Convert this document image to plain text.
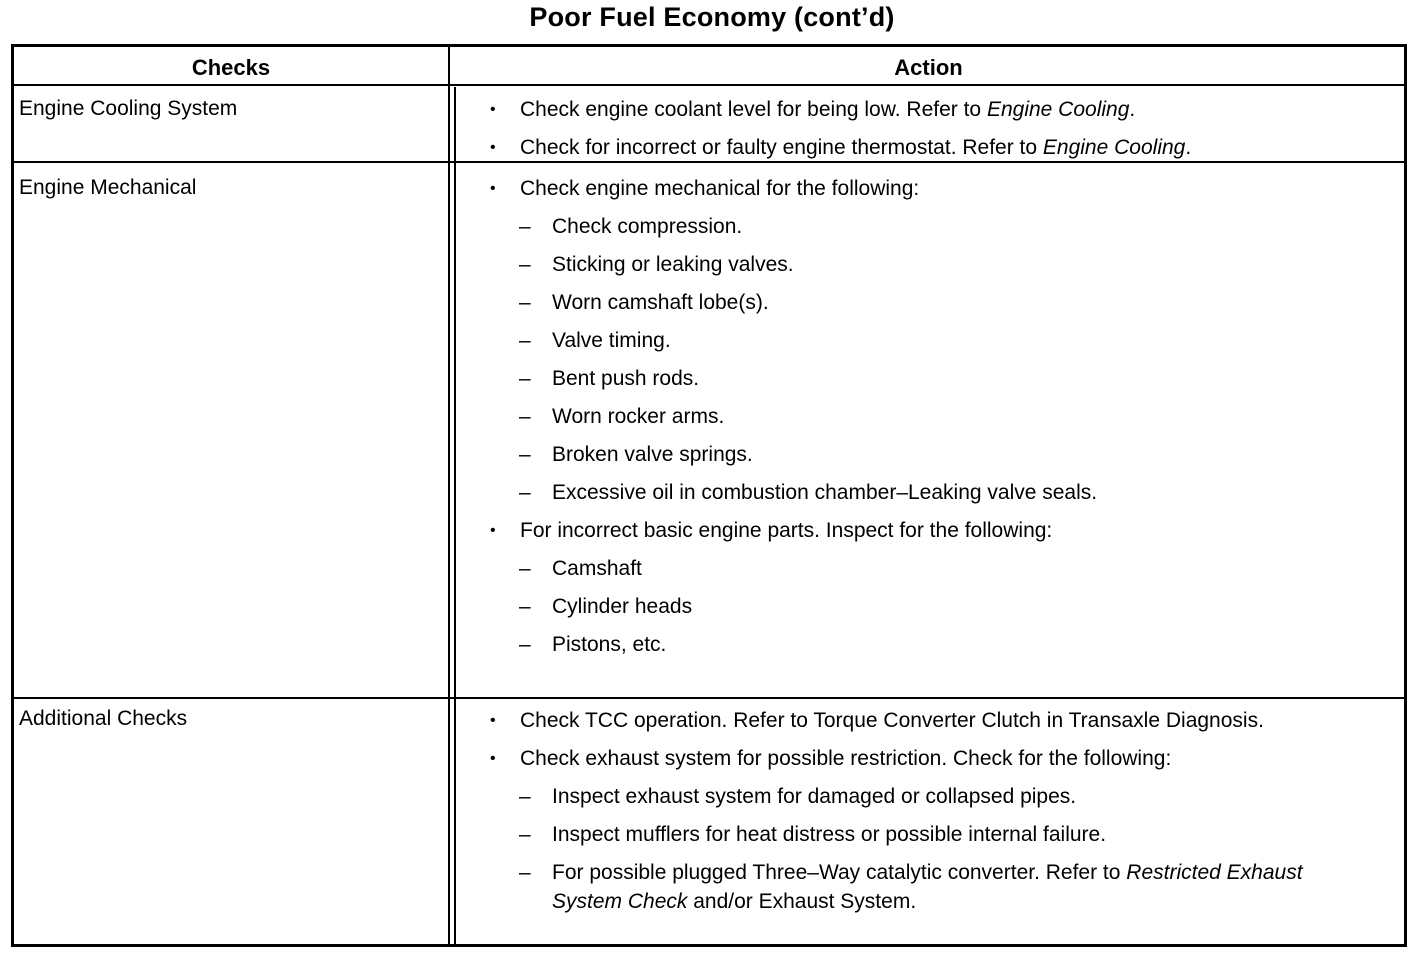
Poor Fuel Economy (cont’d)
Checks	Action
Engine Cooling System
Engine Mechanical
Additional Checks
• Check engine coolant level for being low. Refer to Engine Cooling.
• Check for incorrect or faulty engine thermostat. Refer to Engine Cooling.
• Check engine mechanical for the following:
– Check compression.
– Sticking or leaking valves.
– Worn camshaft lobe(s).
– Valve timing.
– Bent push rods.
– Worn rocker arms.
– Broken valve springs.
– Excessive oil in combustion chamber–Leaking valve seals.
• For incorrect basic engine parts. Inspect for the following:
– Camshaft
– Cylinder heads
– Pistons, etc.
• Check TCC operation. Refer to Torque Converter Clutch in Transaxle Diagnosis.
• Check exhaust system for possible restriction. Check for the following:
– Inspect exhaust system for damaged or collapsed pipes.
– Inspect mufflers for heat distress or possible internal failure.
– For possible plugged Three–Way catalytic converter. Refer to Restricted Exhaust System Check and/or Exhaust System.
